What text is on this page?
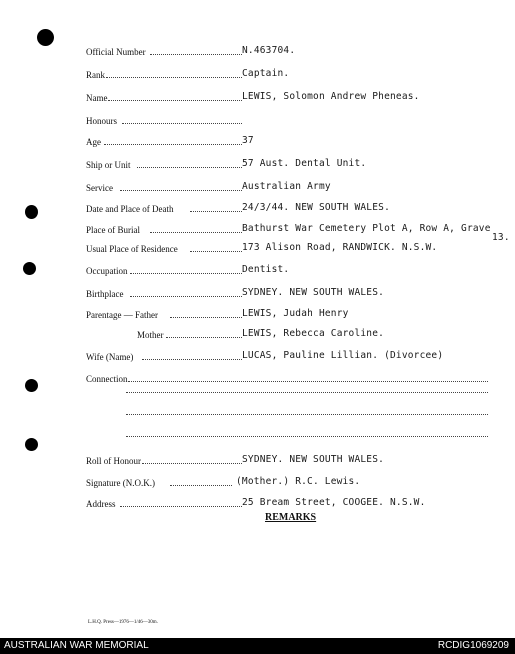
Official Number	N.463704.
Rank	Captain.
Name	LEWIS, Solomon Andrew Pheneas.
Honours
Age	37
Ship or Unit	57 Aust. Dental Unit.
Service	Australian Army
Date and Place of Death	24/3/44. NEW SOUTH WALES.
Place of Burial	Bathurst War Cemetery Plot A, Row A, Grave
13.
Usual Place of Residence	173 Alison Road, RANDWICK. N.S.W.
Occupation	Dentist.
Birthplace	SYDNEY. NEW SOUTH WALES.
Parentage — Father	LEWIS, Judah Henry
Mother	LEWIS, Rebecca Caroline.
Wife (Name)	LUCAS, Pauline Lillian. (Divorcee)
Connection
Roll of Honour	SYDNEY. NEW SOUTH WALES.
Signature (N.O.K.)	(Mother.) R.C. Lewis.
Address	25 Bream Street, COOGEE. N.S.W.
REMARKS
L.H.Q. Press—1976—1/46—30m.
AUSTRALIAN WAR MEMORIAL	RCDIG1069209
